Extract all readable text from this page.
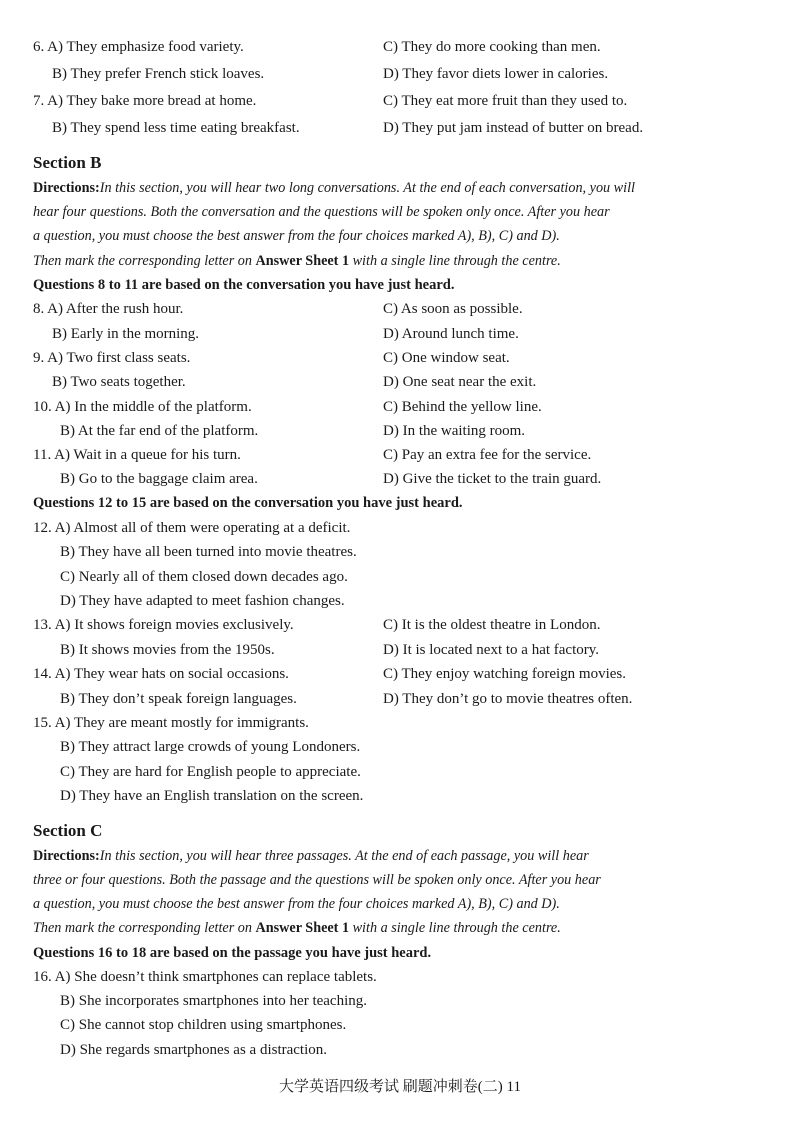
6. A) They emphasize food variety.	C) They do more cooking than men.
B) They prefer French stick loaves.	D) They favor diets lower in calories.
7. A) They bake more bread at home.	C) They eat more fruit than they used to.
B) They spend less time eating breakfast.	D) They put jam instead of butter on bread.
Section B
Directions:In this section, you will hear two long conversations. At the end of each conversation, you will
hear four questions. Both the conversation and the questions will be spoken only once. After you hear
a question, you must choose the best answer from the four choices marked A), B), C) and D).
Then mark the corresponding letter on Answer Sheet 1 with a single line through the centre.
Questions 8 to 11 are based on the conversation you have just heard.
8. A) After the rush hour.	C) As soon as possible.
B) Early in the morning.	D) Around lunch time.
9. A) Two first class seats.	C) One window seat.
B) Two seats together.	D) One seat near the exit.
10. A) In the middle of the platform.	C) Behind the yellow line.
B) At the far end of the platform.	D) In the waiting room.
11. A) Wait in a queue for his turn.	C) Pay an extra fee for the service.
B) Go to the baggage claim area.	D) Give the ticket to the train guard.
Questions 12 to 15 are based on the conversation you have just heard.
12. A) Almost all of them were operating at a deficit.
B) They have all been turned into movie theatres.
C) Nearly all of them closed down decades ago.
D) They have adapted to meet fashion changes.
13. A) It shows foreign movies exclusively.	C) It is the oldest theatre in London.
B) It shows movies from the 1950s.	D) It is located next to a hat factory.
14. A) They wear hats on social occasions.	C) They enjoy watching foreign movies.
B) They don’t speak foreign languages.	D) They don’t go to movie theatres often.
15. A) They are meant mostly for immigrants.
B) They attract large crowds of young Londoners.
C) They are hard for English people to appreciate.
D) They have an English translation on the screen.
Section C
Directions:In this section, you will hear three passages. At the end of each passage, you will hear
three or four questions. Both the passage and the questions will be spoken only once. After you hear
a question, you must choose the best answer from the four choices marked A), B), C) and D).
Then mark the corresponding letter on Answer Sheet 1 with a single line through the centre.
Questions 16 to 18 are based on the passage you have just heard.
16. A) She doesn’t think smartphones can replace tablets.
B) She incorporates smartphones into her teaching.
C) She cannot stop children using smartphones.
D) She regards smartphones as a distraction.
大学英语四级考试 刷题冲刺卷(二) 11
